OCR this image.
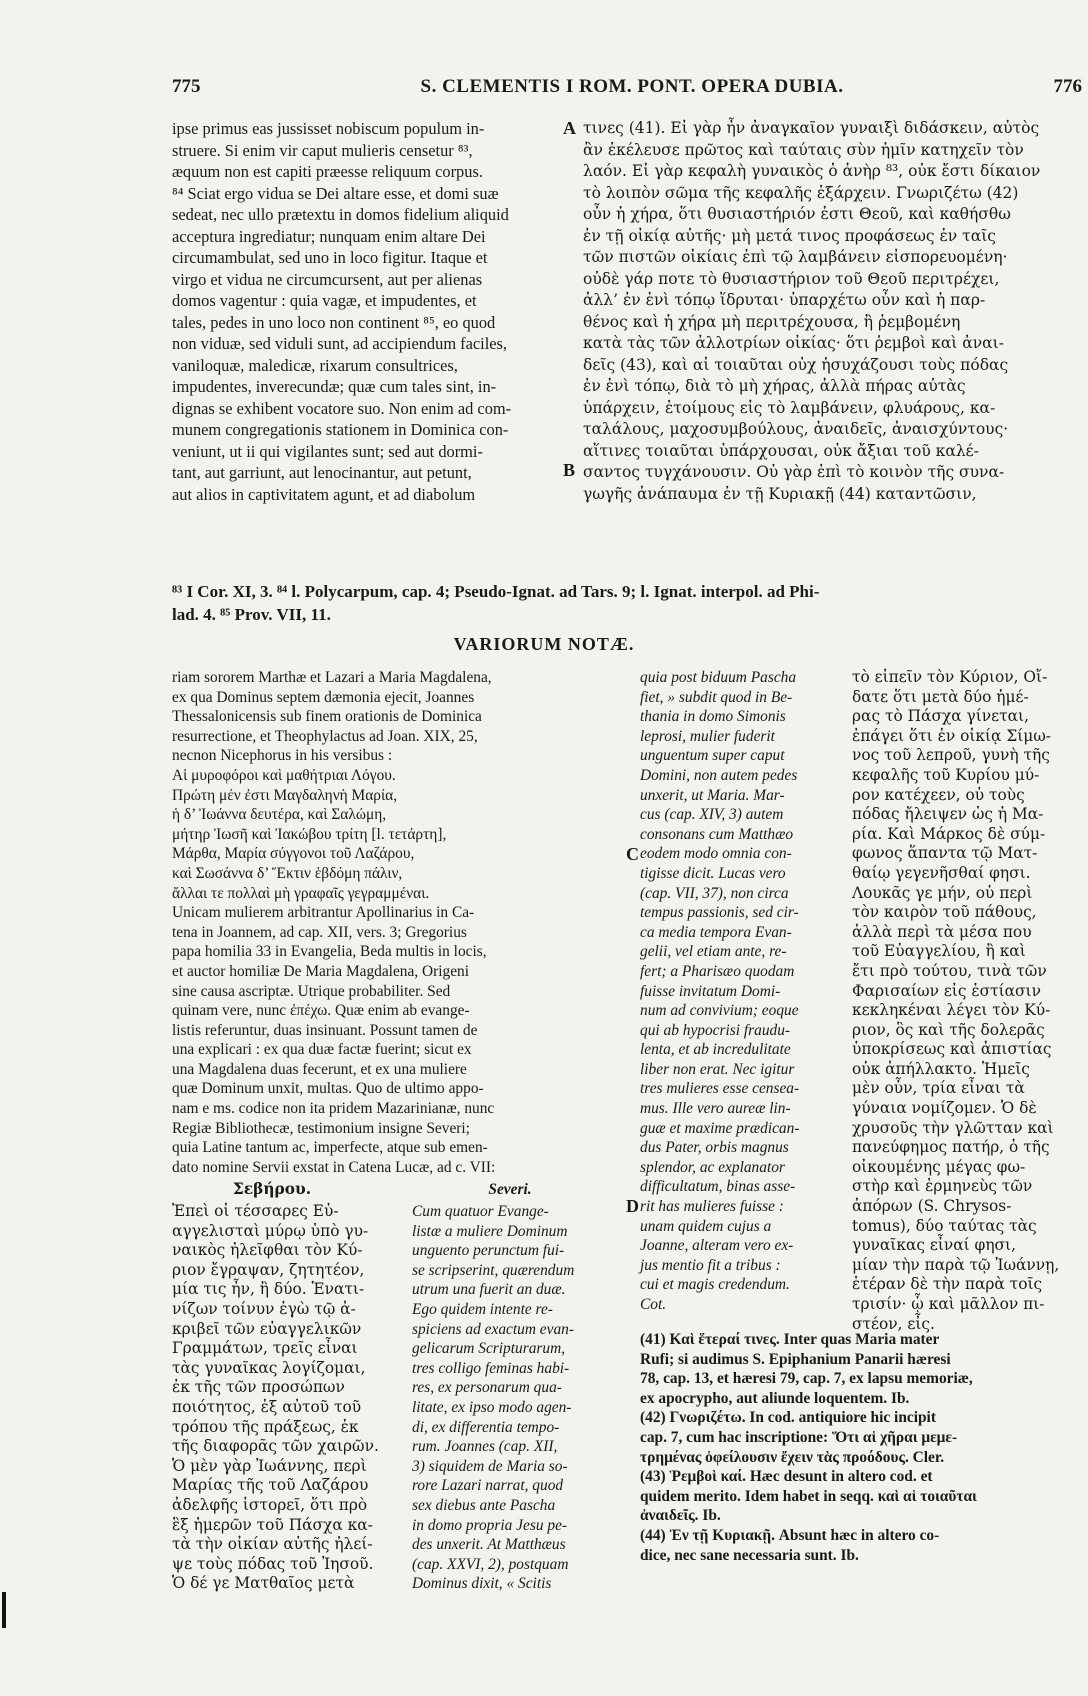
775	S. CLEMENTIS I ROM. PONT. OPERA DUBIA.	776
ipse primus eas jussisset nobiscum populum in-
struere. Si enim vir caput mulieris censetur ⁸³,
æquum non est capiti præesse reliquum corpus.
⁸⁴ Sciat ergo vidua se Dei altare esse, et domi suæ
sedeat, nec ullo prætextu in domos fidelium aliquid
acceptura ingrediatur; nunquam enim altare Dei
circumambulat, sed uno in loco figitur. Itaque et
virgo et vidua ne circumcursent, aut per alienas
domos vagentur : quia vagæ, et impudentes, et
tales, pedes in uno loco non continent ⁸⁵, eo quod
non viduæ, sed viduli sunt, ad accipiendum faciles,
vaniloquæ, maledicæ, rixarum consultrices,
impudentes, inverecundæ; quæ cum tales sint, in-
dignas se exhibent vocatore suo. Non enim ad com-
munem congregationis stationem in Dominica con-
veniunt, ut ii qui vigilantes sunt; sed aut dormi-
tant, aut garriunt, aut lenocinantur, aut petunt,
aut alios in captivitatem agunt, et ad diabolum
τινες (41). Εἰ γὰρ ἦν ἀναγκαῖον γυναιξὶ διδάσκειν, αὐτὸς
ἂν ἐκέλευσε πρῶτος καὶ ταύταις σὺν ἡμῖν κατηχεῖν τὸν
λαόν. Εἰ γὰρ κεφαλὴ γυναικὸς ὁ ἀνὴρ ⁸³, οὐκ ἔστι δίκαιον
τὸ λοιπὸν σῶμα τῆς κεφαλῆς ἐξάρχειν. Γνωριζέτω (42)
οὖν ἡ χήρα, ὅτι θυσιαστήριόν ἐστι Θεοῦ, καὶ καθήσθω
ἐν τῇ οἰκίᾳ αὐτῆς· μὴ μετά τινος προφάσεως ἐν ταῖς
τῶν πιστῶν οἰκίαις ἐπὶ τῷ λαμβάνειν εἰσπορευομένη·
οὐδὲ γάρ ποτε τὸ θυσιαστήριον τοῦ Θεοῦ περιτρέχει,
ἀλλ’ ἐν ἑνὶ τόπῳ ἵδρυται· ὑπαρχέτω οὖν καὶ ἡ παρ-
θένος καὶ ἡ χήρα μὴ περιτρέχουσα, ἢ ῥεμβομένη
κατὰ τὰς τῶν ἀλλοτρίων οἰκίας· ὅτι ῥεμβοὶ καὶ ἀναι-
δεῖς (43), καὶ αἱ τοιαῦται οὐχ ἡσυχάζουσι τοὺς πόδας
ἐν ἑνὶ τόπῳ, διὰ τὸ μὴ χήρας, ἀλλὰ πήρας αὐτὰς
ὑπάρχειν, ἑτοίμους εἰς τὸ λαμβάνειν, φλυάρους, κα-
ταλάλους, μαχοσυμβούλους, ἀναιδεῖς, ἀναισχύντους·
αἵτινες τοιαῦται ὑπάρχουσαι, οὐκ ἄξιαι τοῦ καλέ-
σαντος τυγχάνουσιν. Οὐ γὰρ ἐπὶ τὸ κοινὸν τῆς συνα-
γωγῆς ἀνάπαυμα ἐν τῇ Κυριακῇ (44) καταντῶσιν,
A
B
C
D
⁸³ I Cor. XI, 3. ⁸⁴ l. Polycarpum, cap. 4; Pseudo-Ignat. ad Tars. 9; l. Ignat. interpol. ad Phi-
lad. 4. ⁸⁵ Prov. VII, 11.
VARIORUM NOTÆ.
riam sororem Marthæ et Lazari a Maria Magdalena,
ex qua Dominus septem dæmonia ejecit, Joannes
Thessalonicensis sub finem orationis de Dominica
resurrectione, et Theophylactus ad Joan. XIX, 25,
necnon Nicephorus in his versibus :
Αἱ μυροφόροι καὶ μαθήτριαι Λόγου.
Πρώτη μέν ἐστι Μαγδαληνὴ Μαρία,
ἡ δ’ Ἰωάννα δευτέρα, καὶ Σαλώμη,
μήτηρ Ἰωσῆ καὶ Ἰακώβου τρίτη [l. τετάρτη],
Μάρθα, Μαρία σύγγονοι τοῦ Λαζάρου,
καὶ Σωσάννα δ’ Ἕκτιν ἑβδόμη πάλιν,
ἄλλαι τε πολλαὶ μὴ γραφαῖς γεγραμμέναι.
Unicam mulierem arbitrantur Apollinarius in Ca-
tena in Joannem, ad cap. XII, vers. 3; Gregorius
papa homilia 33 in Evangelia, Beda multis in locis,
et auctor homiliæ De Maria Magdalena, Origeni
sine causa ascriptæ. Utrique probabiliter. Sed
quinam vere, nunc ἐπέχω. Quæ enim ab evange-
listis referuntur, duas insinuant. Possunt tamen de
una explicari : ex qua duæ factæ fuerint; sicut ex
una Magdalena duas fecerunt, et ex una muliere
quæ Dominum unxit, multas. Quo de ultimo appo-
nam e ms. codice non ita pridem Mazarinianæ, nunc
Regiæ Bibliothecæ, testimonium insigne Severi;
quia Latine tantum ac, imperfecte, atque sub emen-
dato nomine Servii exstat in Catena Lucæ, ad c. VII:
Σεβήρου.	Severi.
Ἐπεὶ οἱ τέσσαρες Εὐ-
αγγελισταὶ μύρῳ ὑπὸ γυ-
ναικὸς ἠλεῖφθαι τὸν Κύ-
ριον ἔγραψαν, ζητητέον,
μία τις ἦν, ἢ δύο. Ἐνατι-
νίζων τοίνυν ἐγὼ τῷ ἀ-
κριβεῖ τῶν εὐαγγελικῶν
Γραμμάτων, τρεῖς εἶναι
τὰς γυναῖκας λογίζομαι,
ἐκ τῆς τῶν προσώπων
ποιότητος, ἐξ αὐτοῦ τοῦ
τρόπου τῆς πράξεως, ἐκ
τῆς διαφορᾶς τῶν χαιρῶν.
Ὁ μὲν γὰρ Ἰωάννης, περὶ
Μαρίας τῆς τοῦ Λαζάρου
ἀδελφῆς ἱστορεῖ, ὅτι πρὸ
ἓξ ἡμερῶν τοῦ Πάσχα κα-
τὰ τὴν οἰκίαν αὐτῆς ἠλεί-
ψε τοὺς πόδας τοῦ Ἰησοῦ.
Ὁ δέ γε Ματθαῖος μετὰ
Cum quatuor Evange-
listæ a muliere Dominum
unguento perunctum fui-
se scripserint, quærendum
utrum una fuerit an duæ.
Ego quidem intente re-
spiciens ad exactum evan-
gelicarum Scripturarum,
tres colligo feminas habi-
res, ex personarum qua-
litate, ex ipso modo agen-
di, ex differentia tempo-
rum. Joannes (cap. XII,
3) siquidem de Maria so-
rore Lazari narrat, quod
sex diebus ante Pascha
in domo propria Jesu pe-
des unxerit. At Matthæus
(cap. XXVI, 2), postquam
Dominus dixit, « Scitis
quia post biduum Pascha
fiet, » subdit quod in Be-
thania in domo Simonis
leprosi, mulier fuderit
unguentum super caput
Domini, non autem pedes
unxerit, ut Maria. Mar-
cus (cap. XIV, 3) autem
consonans cum Matthæo
eodem modo omnia con-
tigisse dicit. Lucas vero
(cap. VII, 37), non circa
tempus passionis, sed cir-
ca media tempora Evan-
gelii, vel etiam ante, re-
fert; a Pharisæo quodam
fuisse invitatum Domi-
num ad convivium; eoque
qui ab hypocrisi fraudu-
lenta, et ab incredulitate
liber non erat. Nec igitur
tres mulieres esse censea-
mus. Ille vero aureæ lin-
guæ et maxime prædican-
dus Pater, orbis magnus
splendor, ac explanator
difficultatum, binas asse-
rit has mulieres fuisse :
unam quidem cujus a
Joanne, alteram vero ex-
jus mentio fit a tribus :
cui et magis credendum.
Cot.
τὸ εἰπεῖν τὸν Κύριον, Οἴ-
δατε ὅτι μετὰ δύο ἡμέ-
ρας τὸ Πάσχα γίνεται,
ἐπάγει ὅτι ἐν οἰκίᾳ Σίμω-
νος τοῦ λεπροῦ, γυνὴ τῆς
κεφαλῆς τοῦ Κυρίου μύ-
ρον κατέχεεν, οὐ τοὺς
πόδας ἤλειψεν ὡς ἡ Μα-
ρία. Καὶ Μάρκος δὲ σύμ-
φωνος ἅπαντα τῷ Ματ-
θαίῳ γεγενῆσθαί φησι.
Λουκᾶς γε μήν, οὐ περὶ
τὸν καιρὸν τοῦ πάθους,
ἀλλὰ περὶ τὰ μέσα που
τοῦ Εὐαγγελίου, ἢ καὶ
ἔτι πρὸ τούτου, τινὰ τῶν
Φαρισαίων εἰς ἑστίασιν
κεκληκέναι λέγει τὸν Κύ-
ριον, ὃς καὶ τῆς δολερᾶς
ὑποκρίσεως καὶ ἀπιστίας
οὐκ ἀπήλλακτο. Ἡμεῖς
μὲν οὖν, τρία εἶναι τὰ
γύναια νομίζομεν. Ὁ δὲ
χρυσοῦς τὴν γλῶτταν καὶ
πανεύφημος πατήρ, ὁ τῆς
οἰκουμένης μέγας φω-
στὴρ καὶ ἑρμηνεὺς τῶν
ἀπόρων (S. Chrysos-
tomus), δύο ταύτας τὰς
γυναῖκας εἶναί φησι,
μίαν τὴν παρὰ τῷ Ἰωάννῃ,
ἑτέραν δὲ τὴν παρὰ τοῖς
τρισίν· ᾧ καὶ μᾶλλον πι-
στέον, εἶς.
(41) Καὶ ἕτεραί τινες. Inter quas Maria mater
Rufi; si audimus S. Epiphanium Panarii hæresi
78, cap. 13, et hæresi 79, cap. 7, ex lapsu memoriæ,
ex apocrypho, aut aliunde loquentem. Ib.
(42) Γνωριζέτω. In cod. antiquiore hic incipit
cap. 7, cum hac inscriptione: Ὅτι αἱ χῆραι μεμε-
τρημένας ὀφείλουσιν ἔχειν τὰς προόδους. Cler.
(43) Ῥεμβοὶ καί. Hæc desunt in altero cod. et
quidem merito. Idem habet in seqq. καὶ αἱ τοιαῦται
ἀναιδεῖς. Ib.
(44) Ἐν τῇ Κυριακῇ. Absunt hæc in altero co-
dice, nec sane necessaria sunt. Ib.
